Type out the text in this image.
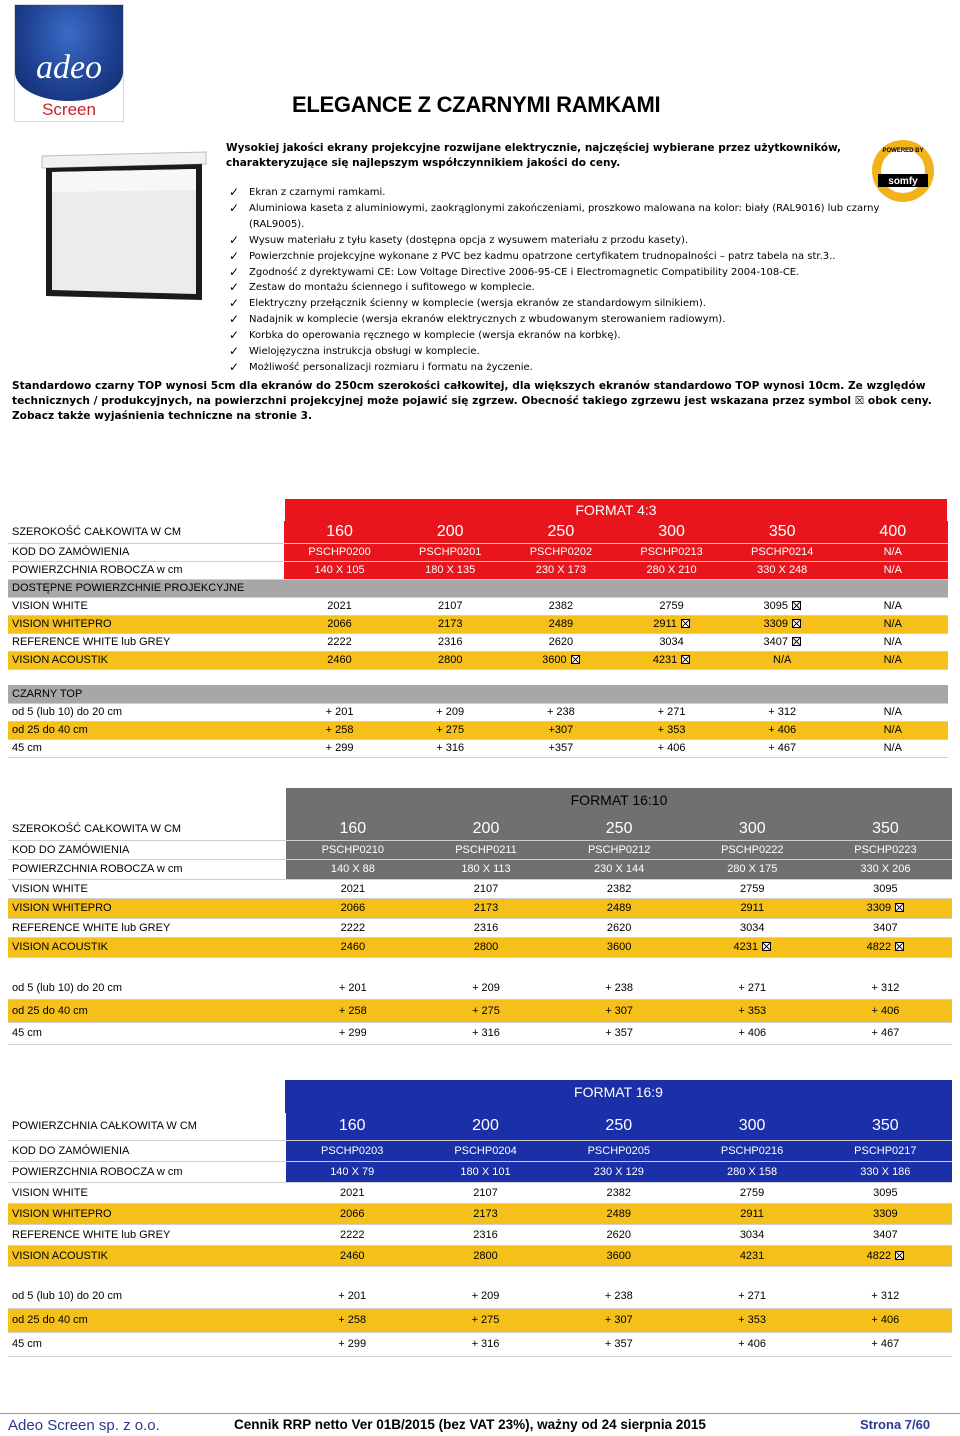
adeo
Screen	ELEGANCE Z CZARNYMI RAMKAMI

Wysokiej jakości ekrany projekcyjne rozwijane elektrycznie, najczęściej wybierane przez użytkowników, charakteryzujące się najlepszym współczynnikiem jakości do ceny.

POWERED BY
somfy
✓ Ekran z czarnymi ramkami.
✓ Aluminiowa kaseta z aluminiowymi, zaokrąglonymi zakończeniami, proszkowo malowana na kolor: biały (RAL9016) lub czarny (RAL9005).
✓ Wysuw materiału z tyłu kasety (dostępna opcja z wysuwem materiału z przodu kasety).
✓ Powierzchnie projekcyjne wykonane z PVC bez kadmu opatrzone certyfikatem trudnopalności – patrz tabela na str.3..
✓ Zgodność z dyrektywami CE: Low Voltage Directive 2006-95-CE i Electromagnetic Compatibility 2004-108-CE.
✓ Zestaw do montażu ściennego i sufitowego w komplecie.
✓ Elektryczny przełącznik ścienny w komplecie (wersja ekranów ze standardowym silnikiem).
✓ Nadajnik w komplecie (wersja ekranów elektrycznych z wbudowanym sterowaniem radiowym).
✓ Korbka do operowania ręcznego w komplecie (wersja ekranów na korbkę).
✓ Wielojęzyczna instrukcja obsługi w komplecie.
✓ Możliwość personalizacji rozmiaru i formatu na życzenie.

Standardowo czarny TOP wynosi 5cm dla ekranów do 250cm szerokości całkowitej, dla większych ekranów standardowo TOP wynosi 10cm. Ze względów technicznych / produkcyjnych, na powierzchni projekcyjnej może pojawić się zgrzew. Obecność takiego zgrzewu jest wskazana przez symbol ☒ obok ceny. Zobacz także wyjaśnienia techniczne na stronie 3.

FORMAT 4:3
SZEROKOŚĆ CAŁKOWITA W CM	160	200	250	300	350	400
KOD DO ZAMÓWIENIA	PSCHP0200	PSCHP0201	PSCHP0202	PSCHP0213	PSCHP0214	N/A
POWIERZCHNIA ROBOCZA w cm	140 X 105	180 X 135	230 X 173	280 X 210	330 X 248	N/A
DOSTĘPNE POWIERZCHNIE PROJEKCYJNE						
VISION WHITE	2021	2107	2382	2759	3095	N/A
VISION WHITEPRO	2066	2173	2489	2911	3309	N/A
REFERENCE WHITE lub GREY	2222	2316	2620	3034	3407	N/A
VISION ACOUSTIK	2460	2800	3600	4231	N/A	N/A

CZARNY TOP						
od 5 (lub 10) do 20 cm	+ 201	+ 209	+ 238	+ 271	+ 312	N/A
od 25 do 40 cm	+ 258	+ 275	+307	+ 353	+ 406	N/A
45 cm	+ 299	+ 316	+357	+ 406	+ 467	N/A
FORMAT 16:10
SZEROKOŚĆ CAŁKOWITA W CM	160	200	250	300	350
KOD DO ZAMÓWIENIA	PSCHP0210	PSCHP0211	PSCHP0212	PSCHP0222	PSCHP0223
POWIERZCHNIA ROBOCZA w cm	140 X 88	180 X 113	230 X 144	280 X 175	330 X 206
VISION WHITE	2021	2107	2382	2759	3095
VISION WHITEPRO	2066	2173	2489	2911	3309
REFERENCE WHITE lub GREY	2222	2316	2620	3034	3407
VISION ACOUSTIK	2460	2800	3600	4231	4822

od 5 (lub 10) do 20 cm	+ 201	+ 209	+ 238	+ 271	+ 312
od 25 do 40 cm	+ 258	+ 275	+ 307	+ 353	+ 406
45 cm	+ 299	+ 316	+ 357	+ 406	+ 467
FORMAT 16:9
POWIERZCHNIA CAŁKOWITA W CM	160	200	250	300	350
KOD DO ZAMÓWIENIA	PSCHP0203	PSCHP0204	PSCHP0205	PSCHP0216	PSCHP0217
POWIERZCHNIA ROBOCZA w cm	140 X 79	180 X 101	230 X 129	280 X 158	330 X 186
VISION WHITE	2021	2107	2382	2759	3095
VISION WHITEPRO	2066	2173	2489	2911	3309
REFERENCE WHITE lub GREY	2222	2316	2620	3034	3407
VISION ACOUSTIK	2460	2800	3600	4231	4822

od 5 (lub 10) do 20 cm	+ 201	+ 209	+ 238	+ 271	+ 312
od 25 do 40 cm	+ 258	+ 275	+ 307	+ 353	+ 406
45 cm	+ 299	+ 316	+ 357	+ 406	+ 467
Adeo Screen sp. z o.o.	Cennik RRP netto Ver 01B/2015 (bez VAT 23%), ważny od 24 sierpnia 2015	Strona 7/60
